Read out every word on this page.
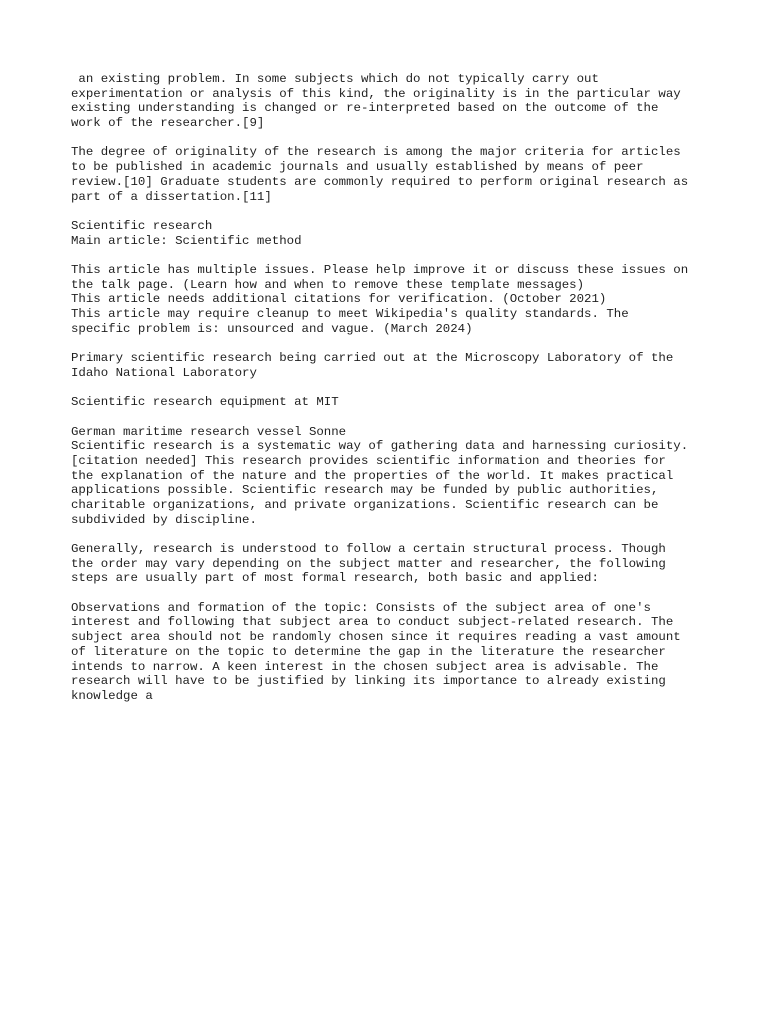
an existing problem. In some subjects which do not typically carry out
experimentation or analysis of this kind, the originality is in the particular way
existing understanding is changed or re-interpreted based on the outcome of the
work of the researcher.[9]
The degree of originality of the research is among the major criteria for articles
to be published in academic journals and usually established by means of peer
review.[10] Graduate students are commonly required to perform original research as
part of a dissertation.[11]
Scientific research
Main article: Scientific method
This article has multiple issues. Please help improve it or discuss these issues on
the talk page. (Learn how and when to remove these template messages)
This article needs additional citations for verification. (October 2021)
This article may require cleanup to meet Wikipedia's quality standards. The
specific problem is: unsourced and vague. (March 2024)
Primary scientific research being carried out at the Microscopy Laboratory of the
Idaho National Laboratory
Scientific research equipment at MIT
German maritime research vessel Sonne
Scientific research is a systematic way of gathering data and harnessing curiosity.
[citation needed] This research provides scientific information and theories for
the explanation of the nature and the properties of the world. It makes practical
applications possible. Scientific research may be funded by public authorities,
charitable organizations, and private organizations. Scientific research can be
subdivided by discipline.
Generally, research is understood to follow a certain structural process. Though
the order may vary depending on the subject matter and researcher, the following
steps are usually part of most formal research, both basic and applied:
Observations and formation of the topic: Consists of the subject area of one's
interest and following that subject area to conduct subject-related research. The
subject area should not be randomly chosen since it requires reading a vast amount
of literature on the topic to determine the gap in the literature the researcher
intends to narrow. A keen interest in the chosen subject area is advisable. The
research will have to be justified by linking its importance to already existing
knowledge a
